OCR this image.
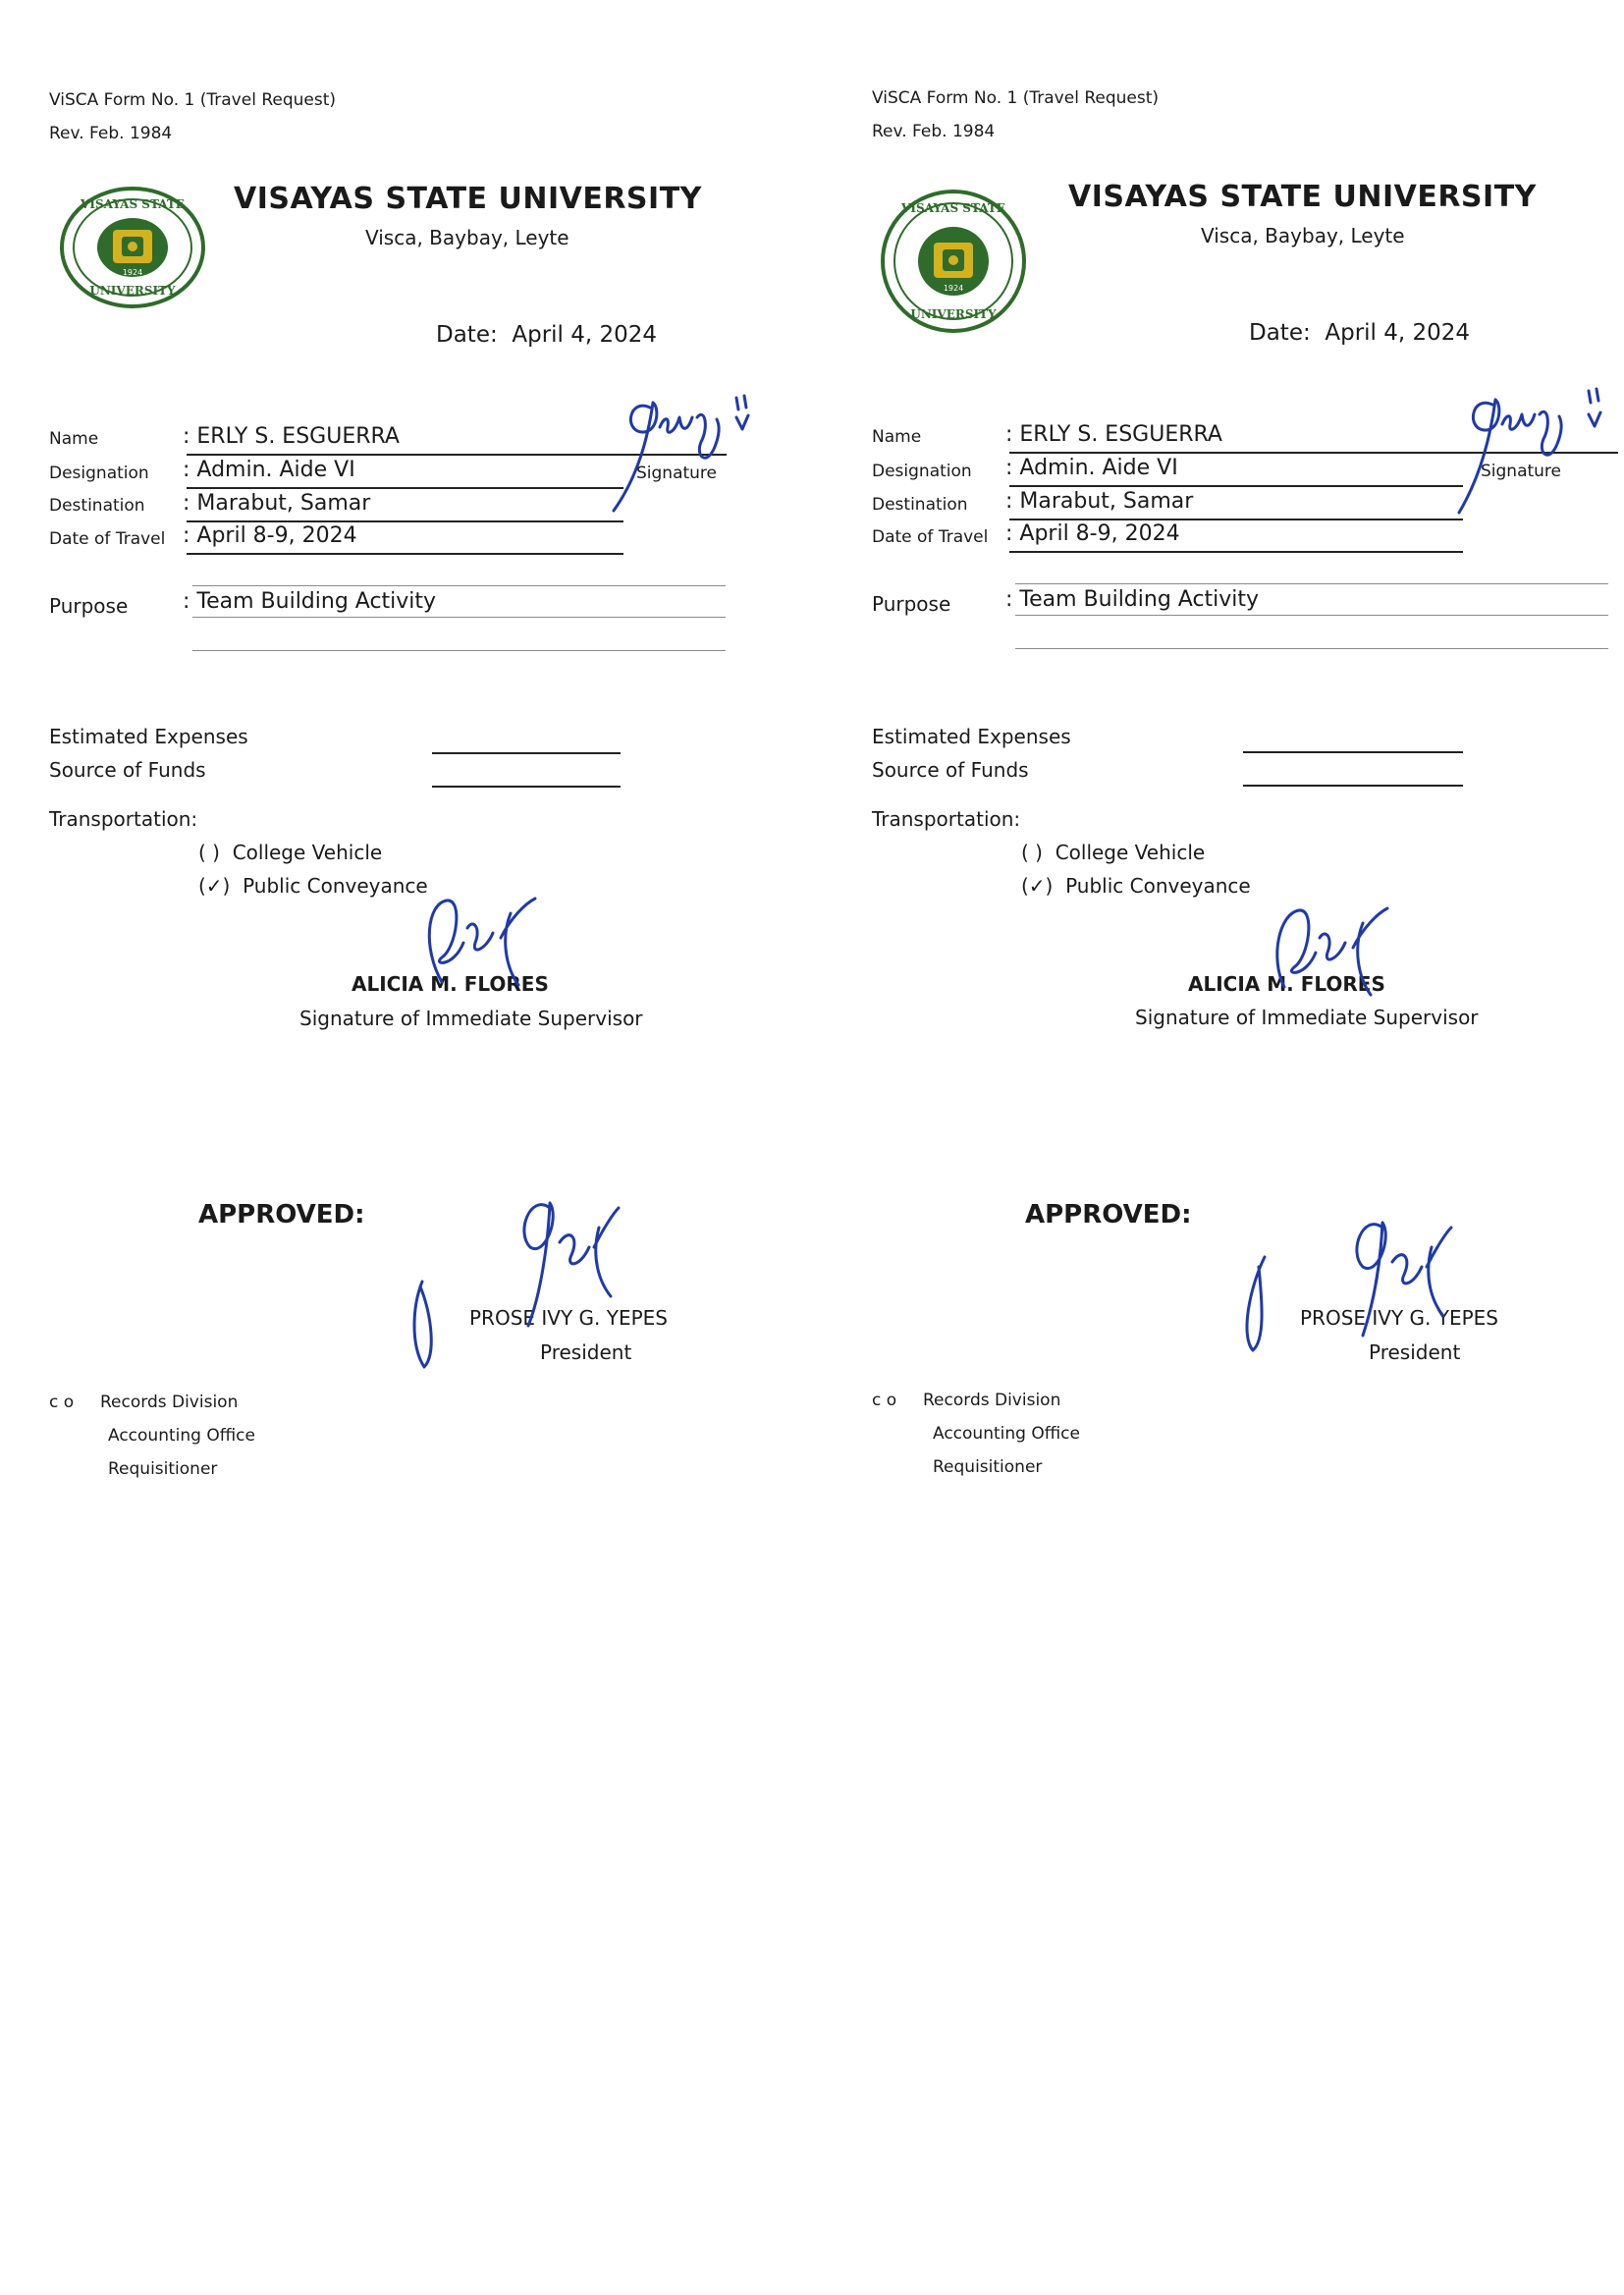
ViSCA Form No. 1 (Travel Request)
Rev. Feb. 1984
VISAYAS STATE
UNIVERSITY
1924
VISAYAS STATE UNIVERSITY
Visca, Baybay, Leyte
Date: April 4, 2024
Name	: ERLY S. ESGUERRA
Designation : Admin. Aide VI	Signature
Destination : Marabut, Samar
Date of Travel : April 8-9, 2024
Purpose	: Team Building Activity
Estimated Expenses
Source of Funds
Transportation:
( ) College Vehicle
(✓) Public Conveyance
ALICIA M. FLORES
Signature of Immediate Supervisor
APPROVED:
PROSE IVY G. YEPES
President
c o Records Division
Accounting Office
Requisitioner
ViSCA Form No. 1 (Travel Request)
Rev. Feb. 1984
VISAYAS STATE
UNIVERSITY
1924
VISAYAS STATE UNIVERSITY
Visca, Baybay, Leyte
Date: April 4, 2024
Name	: ERLY S. ESGUERRA
Designation : Admin. Aide VI	Signature
Destination : Marabut, Samar
Date of Travel : April 8-9, 2024
Purpose	: Team Building Activity
Estimated Expenses
Source of Funds
Transportation:
( ) College Vehicle
(✓) Public Conveyance
ALICIA M. FLORES
Signature of Immediate Supervisor
APPROVED:
PROSE IVY G. YEPES
President
c o Records Division
Accounting Office
Requisitioner
